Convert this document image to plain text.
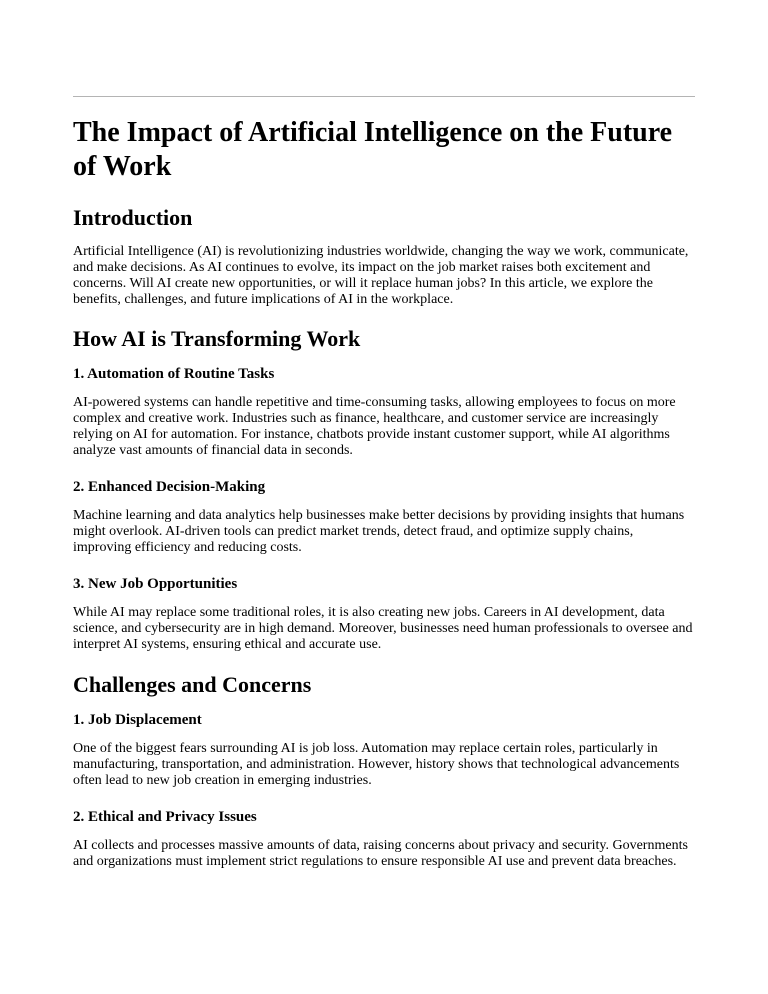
The Impact of Artificial Intelligence on the Future of Work
Introduction

Artificial Intelligence (AI) is revolutionizing industries worldwide, changing the way we work, communicate, and make decisions. As AI continues to evolve, its impact on the job market raises both excitement and concerns. Will AI create new opportunities, or will it replace human jobs? In this article, we explore the benefits, challenges, and future implications of AI in the workplace.

How AI is Transforming Work
1. Automation of Routine Tasks

AI-powered systems can handle repetitive and time-consuming tasks, allowing employees to focus on more complex and creative work. Industries such as finance, healthcare, and customer service are increasingly relying on AI for automation. For instance, chatbots provide instant customer support, while AI algorithms analyze vast amounts of financial data in seconds.

2. Enhanced Decision-Making

Machine learning and data analytics help businesses make better decisions by providing insights that humans might overlook. AI-driven tools can predict market trends, detect fraud, and optimize supply chains, improving efficiency and reducing costs.

3. New Job Opportunities

While AI may replace some traditional roles, it is also creating new jobs. Careers in AI development, data science, and cybersecurity are in high demand. Moreover, businesses need human professionals to oversee and interpret AI systems, ensuring ethical and accurate use.

Challenges and Concerns
1. Job Displacement

One of the biggest fears surrounding AI is job loss. Automation may replace certain roles, particularly in manufacturing, transportation, and administration. However, history shows that technological advancements often lead to new job creation in emerging industries.

2. Ethical and Privacy Issues

AI collects and processes massive amounts of data, raising concerns about privacy and security. Governments and organizations must implement strict regulations to ensure responsible AI use and prevent data breaches.
